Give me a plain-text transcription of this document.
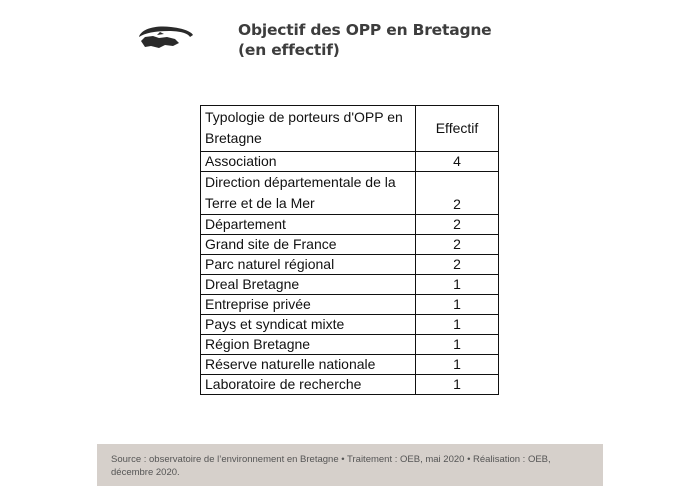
Objectif des OPP en Bretagne
(en effectif)
Typologie de porteurs d'OPP en Bretagne	Effectif
Association	4
Direction départementale de la Terre et de la Mer	2
Département	2
Grand site de France	2
Parc naturel régional	2
Dreal Bretagne	1
Entreprise privée	1
Pays et syndicat mixte	1
Région Bretagne	1
Réserve naturelle nationale	1
Laboratoire de recherche	1
Source : observatoire de l’environnement en Bretagne • Traitement : OEB, mai 2020 • Réalisation : OEB, décembre 2020.
